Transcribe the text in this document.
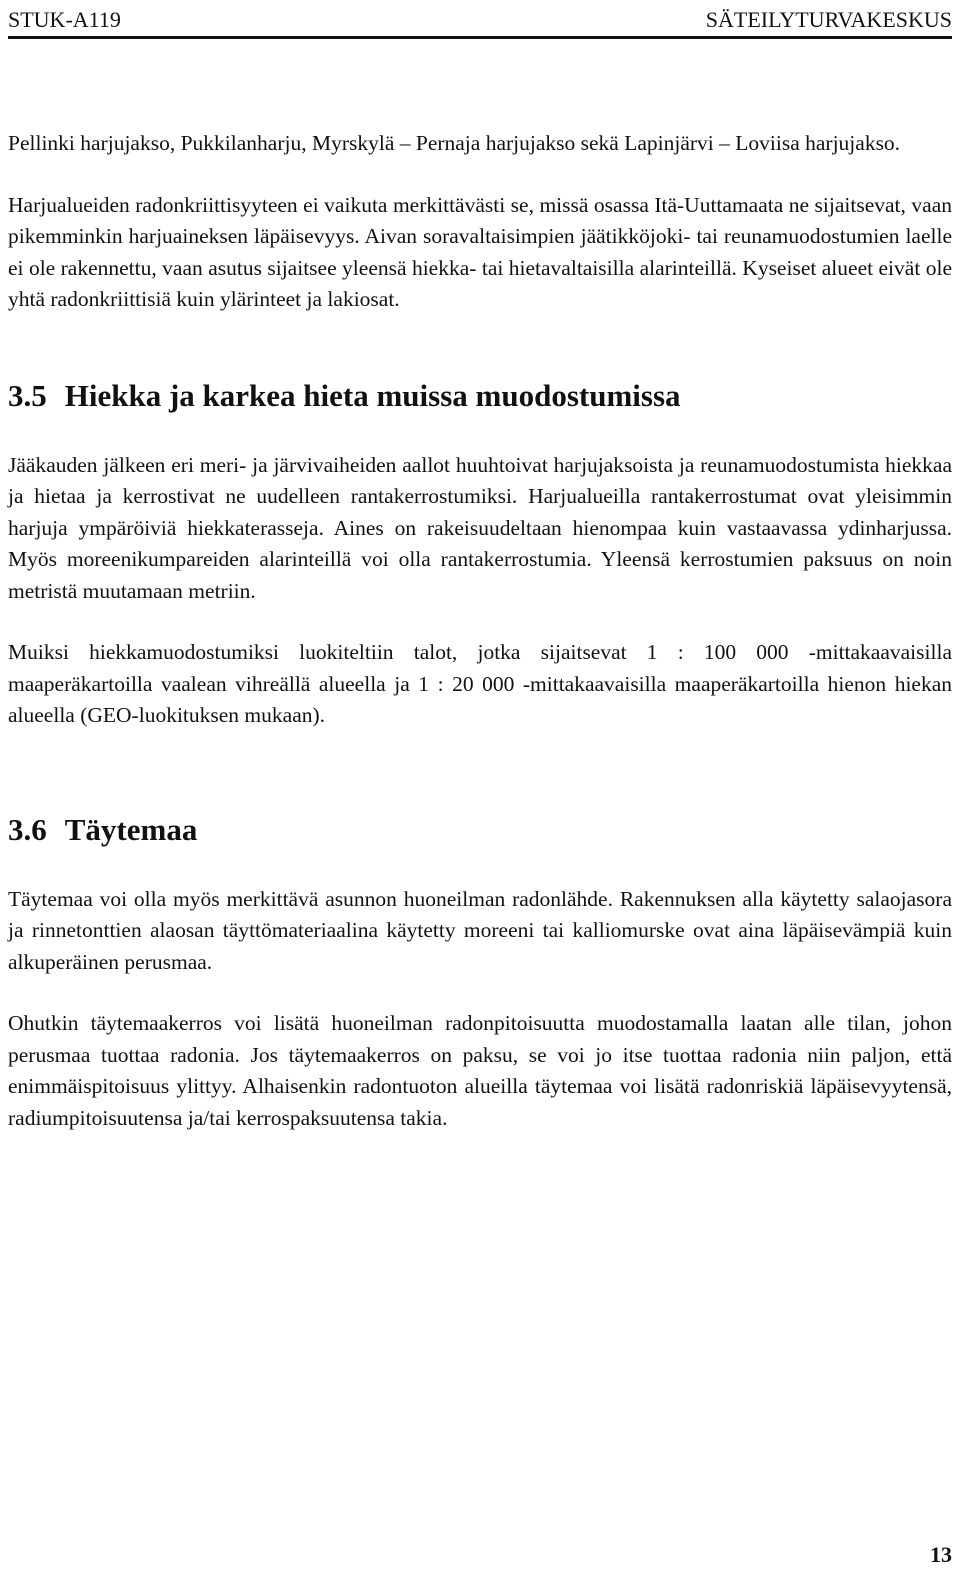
STUK-A119	SÄTEILYTURVAKESKUS

Pellinki harjujakso, Pukkilanharju, Myrskylä – Pernaja harjujakso sekä Lapinjärvi – Loviisa harjujakso.

Harjualueiden radonkriittisyyteen ei vaikuta merkittävästi se, missä osassa Itä-Uuttamaata ne sijaitsevat, vaan pikemminkin harjuaineksen läpäisevyys. Aivan soravaltaisimpien jäätikköjoki- tai reunamuodostumien laelle ei ole rakennettu, vaan asutus sijaitsee yleensä hiekka- tai hietavaltaisilla alarinteillä. Kyseiset alueet eivät ole yhtä radonkriittisiä kuin ylärinteet ja lakiosat.

3.5 Hiekka ja karkea hieta muissa muodostumissa

Jääkauden jälkeen eri meri- ja järvivaiheiden aallot huuhtoivat harjujaksoista ja reunamuodostumista hiekkaa ja hietaa ja kerrostivat ne uudelleen rantakerrostumiksi. Harjualueilla rantakerrostumat ovat yleisimmin harjuja ympäröiviä hiekkaterasseja. Aines on rakeisuudeltaan hienompaa kuin vastaavassa ydinharjussa. Myös moreenikumpareiden alarinteillä voi olla rantakerrostumia. Yleensä kerrostumien paksuus on noin metristä muutamaan metriin.

Muiksi hiekkamuodostumiksi luokiteltiin talot, jotka sijaitsevat 1 : 100 000 -mittakaavaisilla maaperäkartoilla vaalean vihreällä alueella ja 1 : 20 000 -mittakaavaisilla maaperäkartoilla hienon hiekan alueella (GEO-luokituksen mukaan).

3.6 Täytemaa

Täytemaa voi olla myös merkittävä asunnon huoneilman radonlähde. Rakennuksen alla käytetty salaojasora ja rinnetonttien alaosan täyttömateriaalina käytetty moreeni tai kalliomurske ovat aina läpäisevämpiä kuin alkuperäinen perusmaa.

Ohutkin täytemaakerros voi lisätä huoneilman radonpitoisuutta muodostamalla laatan alle tilan, johon perusmaa tuottaa radonia. Jos täytemaakerros on paksu, se voi jo itse tuottaa radonia niin paljon, että enimmäispitoisuus ylittyy. Alhaisenkin radontuoton alueilla täytemaa voi lisätä radonriskiä läpäisevyytensä, radiumpitoisuutensa ja/tai kerrospaksuutensa takia.

13
